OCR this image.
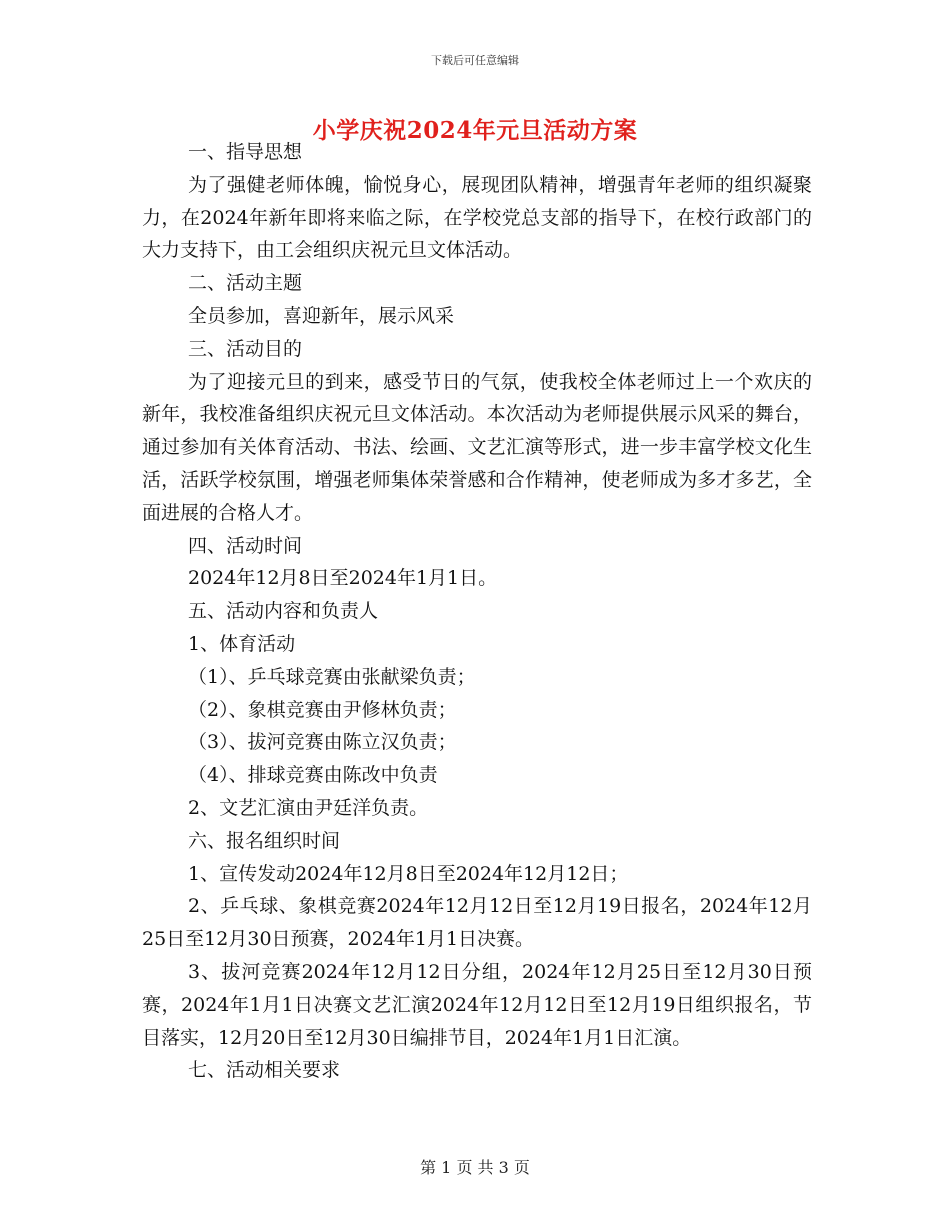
下载后可任意编辑
小学庆祝2024年元旦活动方案

一、指导思想

为了强健老师体魄，愉悦身心，展现团队精神，增强青年老师的组织凝聚力，在2024年新年即将来临之际，在学校党总支部的指导下，在校行政部门的大力支持下，由工会组织庆祝元旦文体活动。

二、活动主题

全员参加，喜迎新年，展示风采

三、活动目的

为了迎接元旦的到来，感受节日的气氛，使我校全体老师过上一个欢庆的新年，我校准备组织庆祝元旦文体活动。本次活动为老师提供展示风采的舞台，通过参加有关体育活动、书法、绘画、文艺汇演等形式，进一步丰富学校文化生活，活跃学校氛围，增强老师集体荣誉感和合作精神，使老师成为多才多艺，全面进展的合格人才。

四、活动时间

2024年12月8日至2024年1月1日。

五、活动内容和负责人

1、体育活动

（1）、乒乓球竞赛由张献梁负责；

（2）、象棋竞赛由尹修林负责；

（3）、拔河竞赛由陈立汉负责；

（4）、排球竞赛由陈改中负责

2、文艺汇演由尹廷洋负责。

六、报名组织时间

1、宣传发动2024年12月8日至2024年12月12日；

2、乒乓球、象棋竞赛2024年12月12日至12月19日报名，2024年12月25日至12月30日预赛，2024年1月1日决赛。

3、拔河竞赛2024年12月12日分组，2024年12月25日至12月30日预赛，2024年1月1日决赛文艺汇演2024年12月12日至12月19日组织报名，节目落实，12月20日至12月30日编排节目，2024年1月1日汇演。

七、活动相关要求

第 1 页 共 3 页
